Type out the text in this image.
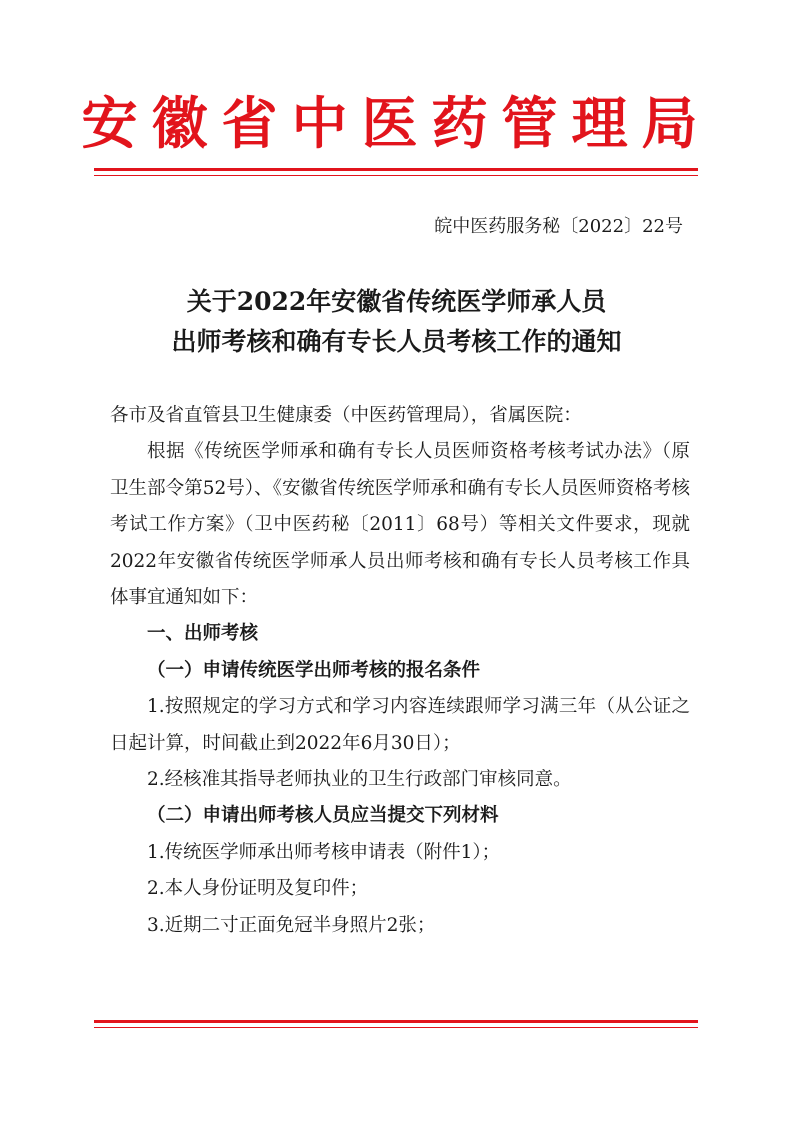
安徽省中医药管理局
皖中医药服务秘〔2022〕22号
关于2022年安徽省传统医学师承人员
出师考核和确有专长人员考核工作的通知

各市及省直管县卫生健康委（中医药管理局），省属医院：

根据《传统医学师承和确有专长人员医师资格考核考试办法》（原卫生部令第52号）、《安徽省传统医学师承和确有专长人员医师资格考核考试工作方案》（卫中医药秘〔2011〕68号）等相关文件要求，现就2022年安徽省传统医学师承人员出师考核和确有专长人员考核工作具体事宜通知如下：

一、出师考核

（一）申请传统医学出师考核的报名条件

1.按照规定的学习方式和学习内容连续跟师学习满三年（从公证之日起计算，时间截止到2022年6月30日）；

2.经核准其指导老师执业的卫生行政部门审核同意。

（二）申请出师考核人员应当提交下列材料

1.传统医学师承出师考核申请表（附件1）；

2.本人身份证明及复印件；

3.近期二寸正面免冠半身照片2张；
